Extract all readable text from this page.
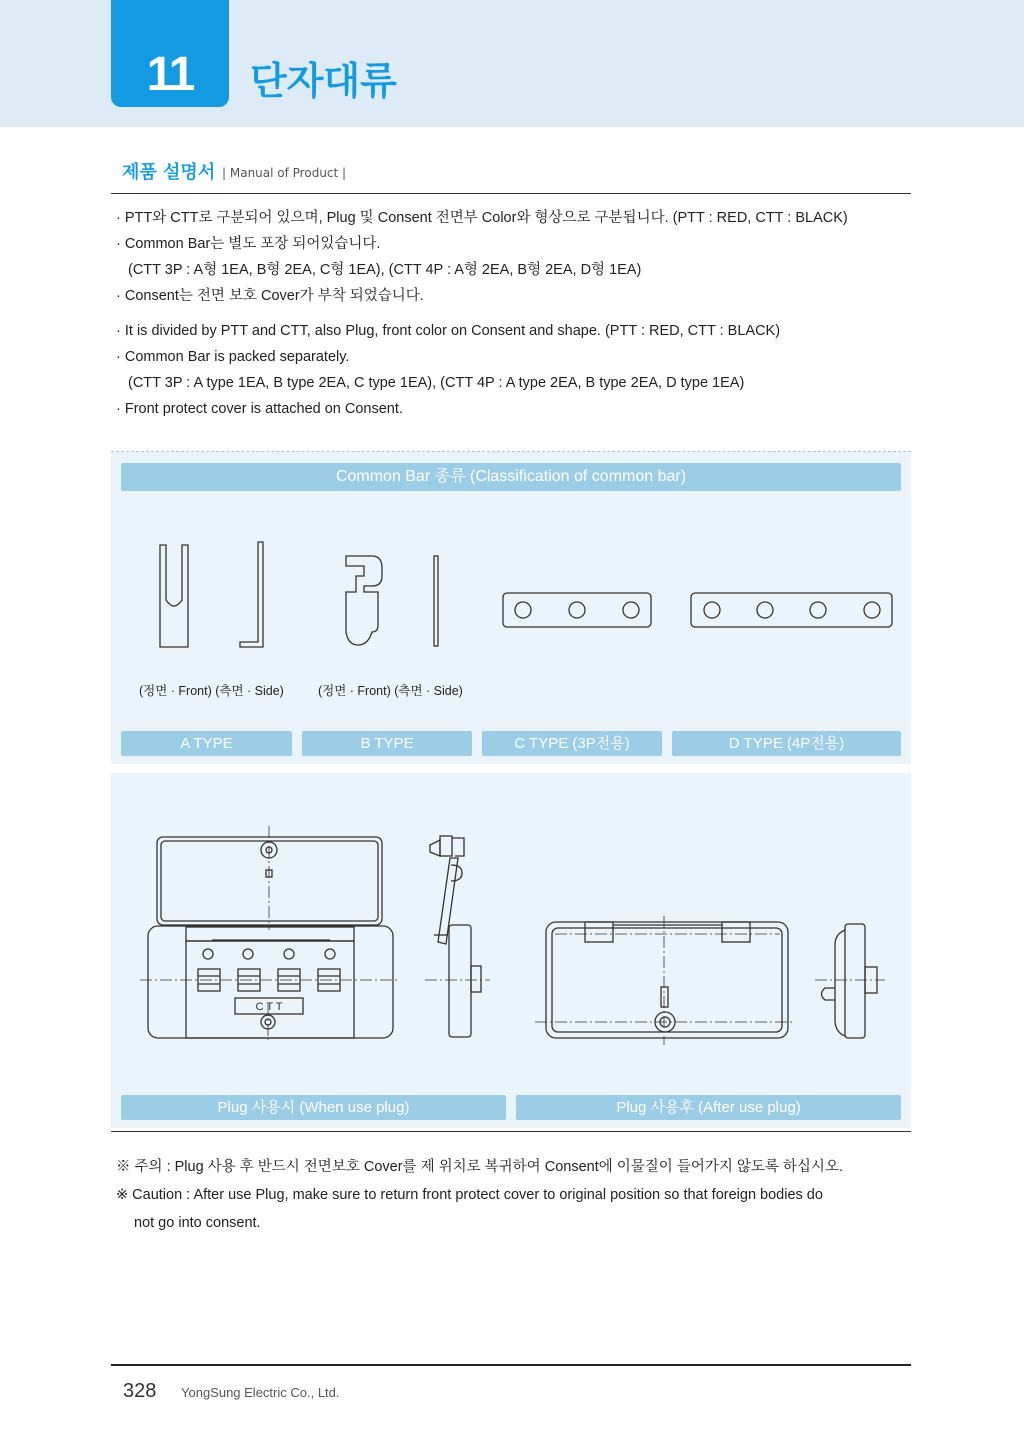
11	단자대류
제품 설명서 | Manual of Product |
· PTT와 CTT로 구분되어 있으며, Plug 및 Consent 전면부 Color와 형상으로 구분됩니다. (PTT : RED, CTT : BLACK)
· Common Bar는 별도 포장 되어있습니다.
(CTT 3P : A형 1EA, B형 2EA, C형 1EA), (CTT 4P : A형 2EA, B형 2EA, D형 1EA)
· Consent는 전면 보호 Cover가 부착 되었습니다.
· It is divided by PTT and CTT, also Plug, front color on Consent and shape. (PTT : RED, CTT : BLACK)
· Common Bar is packed separately.
(CTT 3P : A type 1EA, B type 2EA, C type 1EA), (CTT 4P : A type 2EA, B type 2EA, D type 1EA)
· Front protect cover is attached on Consent.
Common Bar 종류 (Classification of common bar)
C T T
(정면 · Front) (측면 · Side)	(정면 · Front) (측면 · Side)
A TYPE	B TYPE	C TYPE (3P전용)	D TYPE (4P전용)
Plug 사용시 (When use plug)	Plug 사용후 (After use plug)
※ 주의 : Plug 사용 후 반드시 전면보호 Cover를 제 위치로 복귀하여 Consent에 이물질이 들어가지 않도록 하십시오.
※ Caution : After use Plug, make sure to return front protect cover to original position so that foreign bodies do
not go into consent.
328 YongSung Electric Co., Ltd.
